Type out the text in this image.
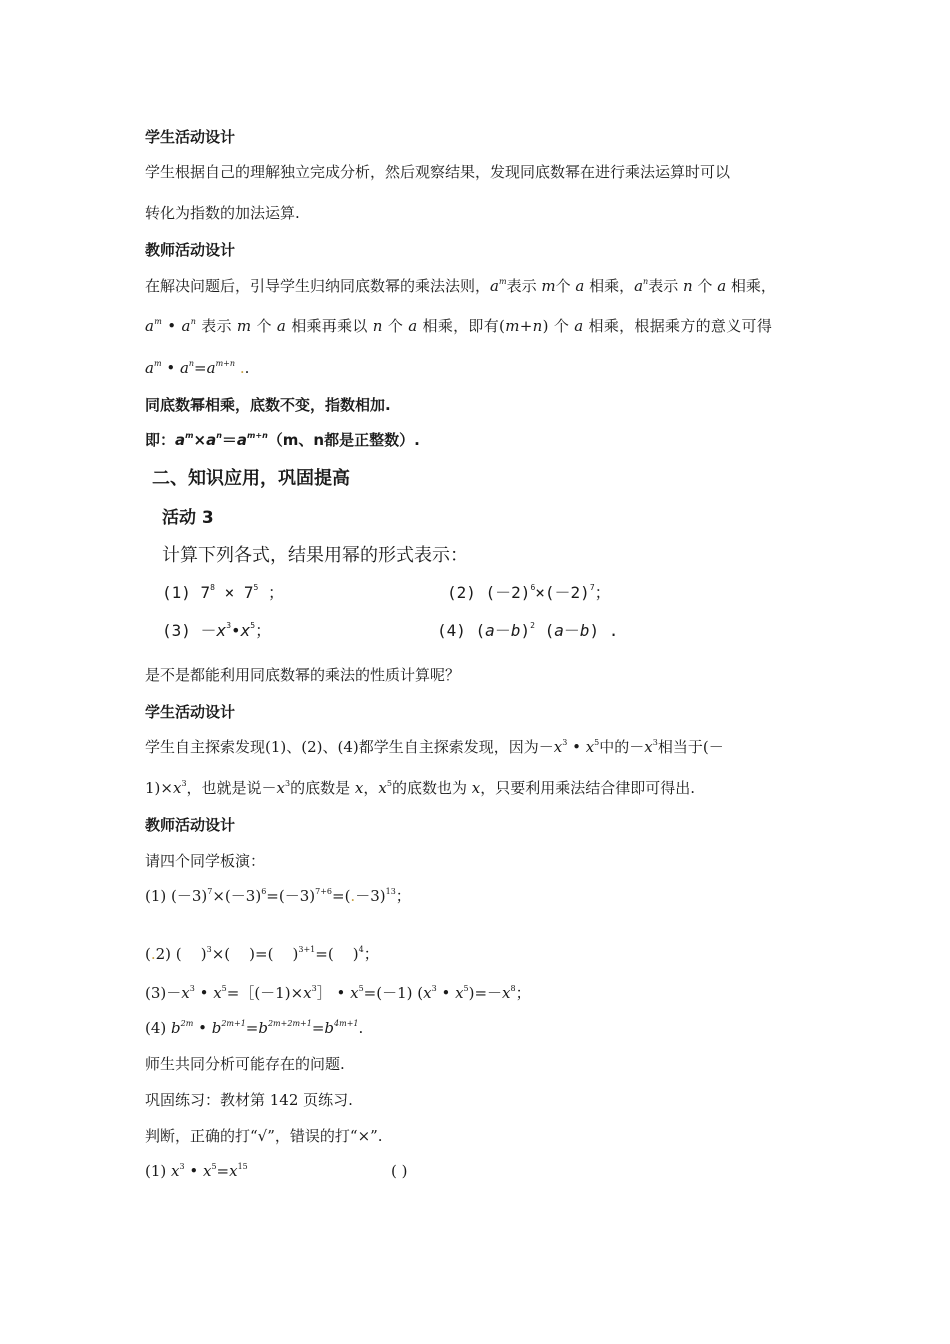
学生活动设计
学生根据自己的理解独立完成分析，然后观察结果，发现同底数幂在进行乘法运算时可以
转化为指数的加法运算.
教师活动设计
在解决问题后，引导学生归纳同底数幂的乘法法则，$a^m$表示 m个 a 相乘，$a^n$表示 n 个 a 相乘，
$a^m$ • $a^n$ 表示 m 个 a 相乘再乘以 n 个 a 相乘，即有(m+n) 个 a 相乘，根据乘方的意义可得
$a^m$ • $a^n=a^{m+n}$ ..
同底数幂相乘，底数不变，指数相加.
即：$a^m\times a^n=a^{m+n}(m$、n都是正整数）.
二、知识应用，巩固提高
活动 3
计算下列各式，结果用幂的形式表示：
(1) $7^8 \times 7^5$ ；	(2) $(-2)^6\times(-2)^7$；
$(3) -x^3•x^5$；	(4) $(a-b)^2$ (a－b) .
是不是都能利用同底数幂的乘法的性质计算呢？
学生活动设计
学生自主探索发现(1)、(2)、(4)都学生自主探索发现，因为$-x^3$ • $x^5$中的$-x^3$相当于(－
$1)\times x^3$，也就是说$-x^3$的底数是 x，$x^5$的底数也为 x，只要利用乘法结合律即可得出.
教师活动设计
请四个同学板演：
(1) $(-3)^7\times(-3)^6=(-3)^{7+6}=(.-3)^{13}$；
(.2) (    )$^3$×(    )=(    )$^{3+1}$=(    )$^4$；
$(3)-x^3$ • $x^5=[(-1)\times x^3]$ • $x^5=(-1)$ ($x^3$ • $x^5)=-x^8$；
(4) $b^{2m}$ • $b^{2m+1}=b^{2m+2m+1}=b^{4m+1}$.
师生共同分析可能存在的问题.
巩固练习：教材第 142 页练习.
判断，正确的打“√”，错误的打“×”.
(1) $x^3$ • $x^5=x^{15}$	( )
